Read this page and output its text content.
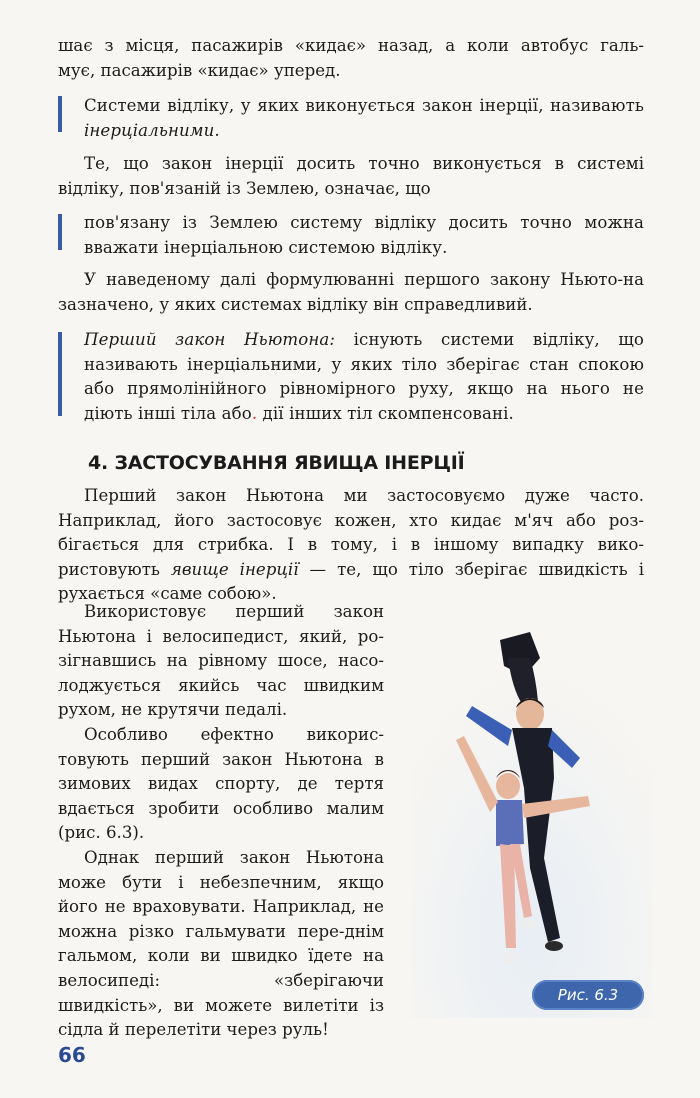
шає з місця, пасажирів «кидає» назад, а коли автобус галь-

мує, пасажирів «кидає» уперед.

Системи відліку, у яких виконується закон інерції, називають інерціальними.

Те, що закон інерції досить точно виконується в системі відліку, пов'язаній із Землею, означає, що

пов'язану із Землею систему відліку досить точно можна вважати інерціальною системою відліку.

У наведеному далі формулюванні першого закону Ньюто-на зазначено, у яких системах відліку він справедливий.

Перший закон Ньютона: існують системи відліку, що називають інерціальними, у яких тіло зберігає стан спокою або прямолінійного рівномірного руху, якщо на нього не діють інші тіла або. дії інших тіл скомпенсовані.

4. ЗАСТОСУВАННЯ ЯВИЩА ІНЕРЦІЇ

Перший закон Ньютона ми застосовуємо дуже часто. Наприклад, його застосовує кожен, хто кидає м'яч або роз-бігається для стрибка. І в тому, і в іншому випадку вико-ристовують явище інерції — те, що тіло зберігає швидкість і рухається «саме собою».

Використовує перший закон Ньютона і велосипедист, який, ро-зігнавшись на рівному шосе, насо-лоджується якийсь час швидким рухом, не крутячи педалі.

Особливо ефектно викорис-товують перший закон Ньютона в зимових видах спорту, де тертя вдається зробити особливо малим (рис. 6.3).

Однак перший закон Ньютона може бути і небезпечним, якщо його не враховувати. Наприклад, не можна різко гальмувати пере-днім гальмом, коли ви швидко їдете на велосипеді: «зберігаючи швидкість», ви можете вилетіти із сідла й перелетіти через руль!

Рис. 6.3
66
